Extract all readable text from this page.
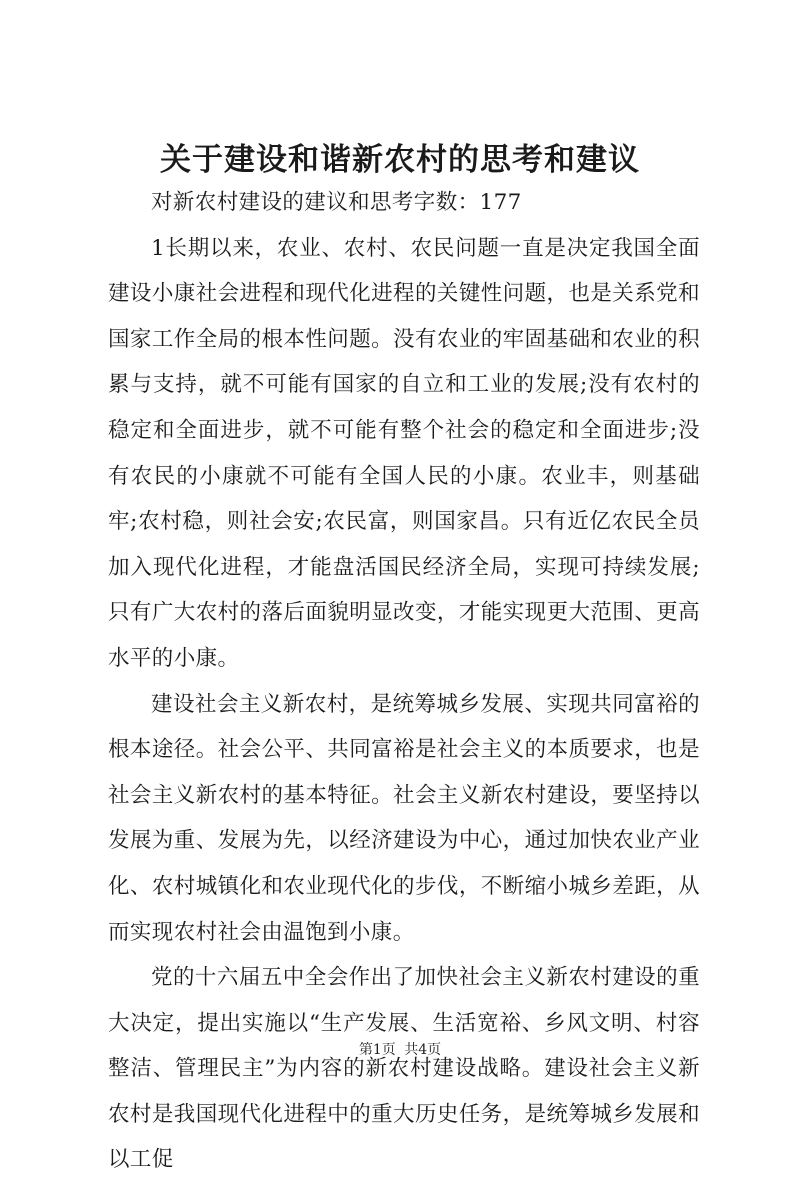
关于建设和谐新农村的思考和建议

对新农村建设的建议和思考字数：177

1长期以来，农业、农村、农民问题一直是决定我国全面建设小康社会进程和现代化进程的关键性问题，也是关系党和国家工作全局的根本性问题。没有农业的牢固基础和农业的积累与支持，就不可能有国家的自立和工业的发展;没有农村的稳定和全面进步，就不可能有整个社会的稳定和全面进步;没有农民的小康就不可能有全国人民的小康。农业丰，则基础牢;农村稳，则社会安;农民富，则国家昌。只有近亿农民全员加入现代化进程，才能盘活国民经济全局，实现可持续发展;只有广大农村的落后面貌明显改变，才能实现更大范围、更高水平的小康。

建设社会主义新农村，是统筹城乡发展、实现共同富裕的根本途径。社会公平、共同富裕是社会主义的本质要求，也是社会主义新农村的基本特征。社会主义新农村建设，要坚持以发展为重、发展为先，以经济建设为中心，通过加快农业产业化、农村城镇化和农业现代化的步伐，不断缩小城乡差距，从而实现农村社会由温饱到小康。

党的十六届五中全会作出了加快社会主义新农村建设的重大决定，提出实施以“生产发展、生活宽裕、乡风文明、村容整洁、管理民主”为内容的新农村建设战略。建设社会主义新农村是我国现代化进程中的重大历史任务，是统筹城乡发展和以工促

第1页 共4页
